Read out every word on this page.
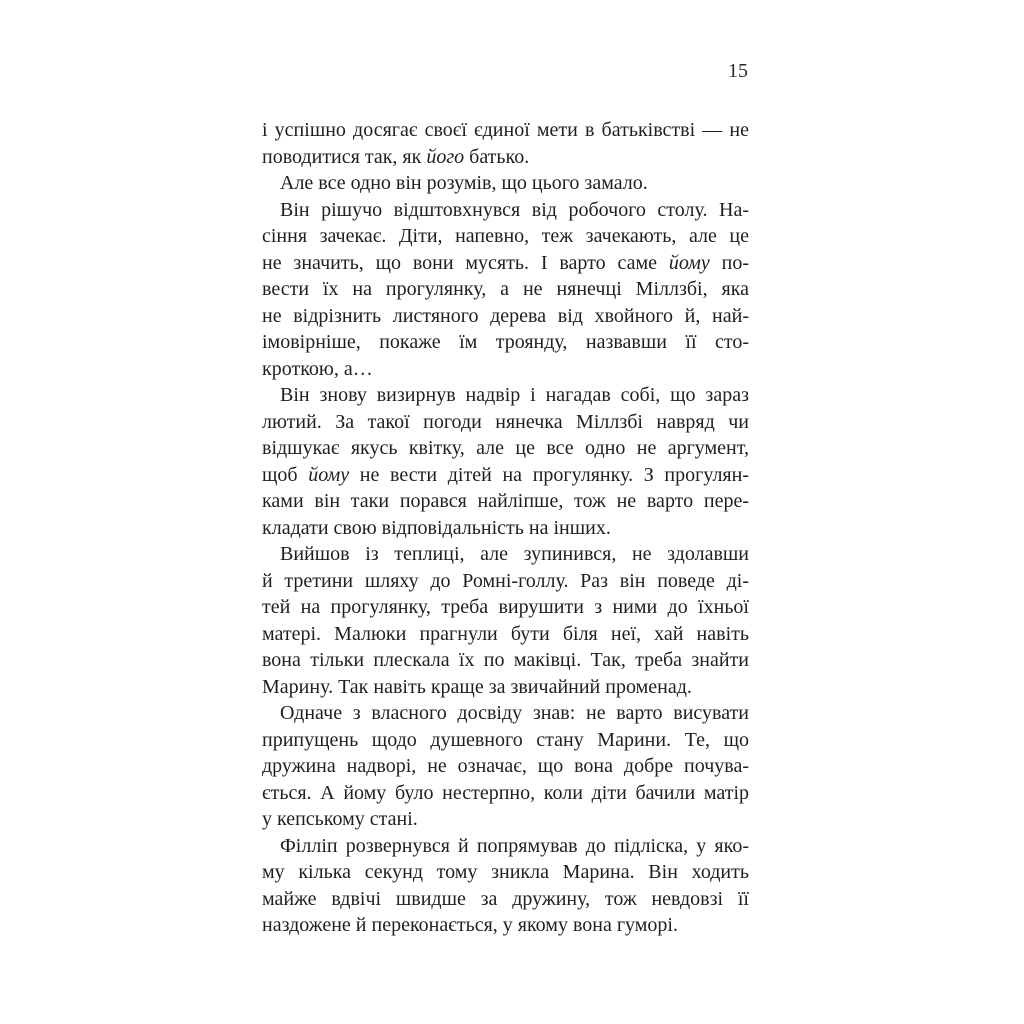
15
і успішно досягає своєї єдиної мети в батьківстві — не
поводитися так, як його батько.
Але все одно він розумів, що цього замало.
Він рішучо відштовхнувся від робочого столу. На-
сіння зачекає. Діти, напевно, теж зачекають, але це
не значить, що вони мусять. І варто саме йому по-
вести їх на прогулянку, а не нянечці Міллзбі, яка
не відрізнить листяного дерева від хвойного й, най-
імовірніше, покаже їм троянду, назвавши її сто-
кроткою, а…
Він знову визирнув надвір і нагадав собі, що зараз
лютий. За такої погоди нянечка Міллзбі навряд чи
відшукає якусь квітку, але це все одно не аргумент,
щоб йому не вести дітей на прогулянку. З прогулян-
ками він таки порався найліпше, тож не варто пере-
кладати свою відповідальність на інших.
Вийшов із теплиці, але зупинився, не здолавши
й третини шляху до Ромні-голлу. Раз він поведе ді-
тей на прогулянку, треба вирушити з ними до їхньої
матері. Малюки прагнули бути біля неї, хай навіть
вона тільки плескала їх по маківці. Так, треба знайти
Марину. Так навіть краще за звичайний променад.
Одначе з власного досвіду знав: не варто висувати
припущень щодо душевного стану Марини. Те, що
дружина надворі, не означає, що вона добре почува-
ється. А йому було нестерпно, коли діти бачили матір
у кепському стані.
Філліп розвернувся й попрямував до підліска, у яко-
му кілька секунд тому зникла Марина. Він ходить
майже вдвічі швидше за дружину, тож невдовзі її
наздожене й переконається, у якому вона гуморі.
